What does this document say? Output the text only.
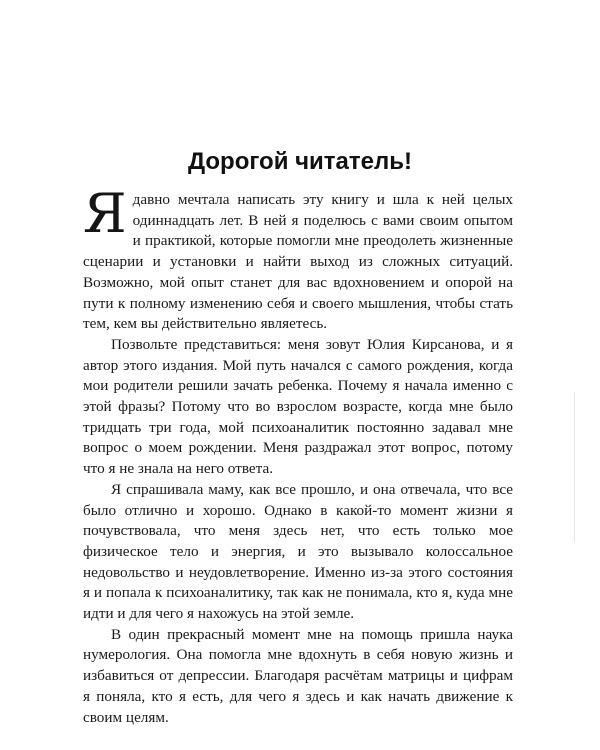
Дорогой читатель!

Я давно мечтала написать эту книгу и шла к ней целых одиннадцать лет. В ней я поделюсь с вами своим опытом и практикой, которые помогли мне преодолеть жизненные сценарии и установки и найти выход из сложных ситуаций. Возможно, мой опыт станет для вас вдохновением и опорой на пути к полному изменению себя и своего мышления, чтобы стать тем, кем вы действительно являетесь.

Позвольте представиться: меня зовут Юлия Кирсанова, и я автор этого издания. Мой путь начался с самого рождения, когда мои родители решили зачать ребенка. Почему я начала именно с этой фразы? Потому что во взрослом возрасте, когда мне было тридцать три года, мой психоаналитик постоянно задавал мне вопрос о моем рождении. Меня раздражал этот вопрос, потому что я не знала на него ответа.

Я спрашивала маму, как все прошло, и она отвечала, что все было отлично и хорошо. Однако в какой-то момент жизни я почувствовала, что меня здесь нет, что есть только мое физическое тело и энергия, и это вызывало колоссальное недовольство и неудовлетворение. Именно из-за этого состояния я и попала к психоаналитику, так как не понимала, кто я, куда мне идти и для чего я нахожусь на этой земле.

В один прекрасный момент мне на помощь пришла наука нумерология. Она помогла мне вдохнуть в себя новую жизнь и избавиться от депрессии. Благодаря расчётам матрицы и цифрам я поняла, кто я есть, для чего я здесь и как начать движение к своим целям.
